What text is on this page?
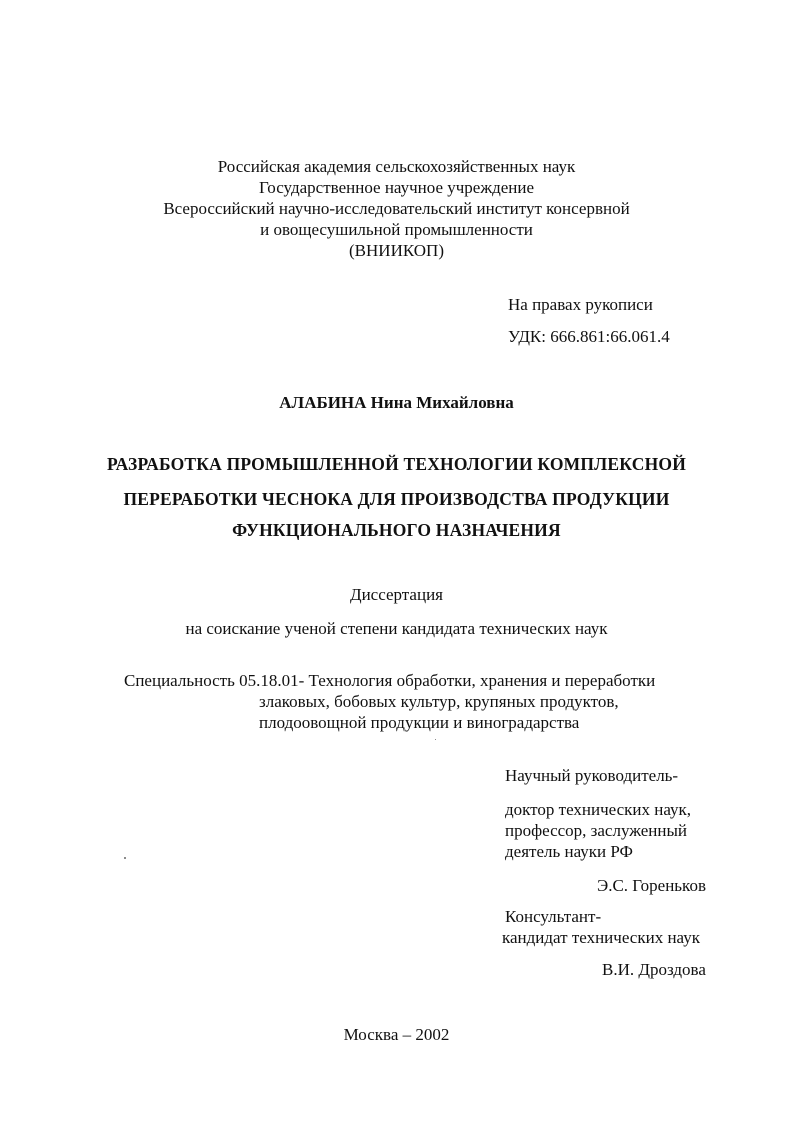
Российская академия сельскохозяйственных наук
Государственное научное учреждение
Всероссийский научно-исследовательский институт консервной
и овощесушильной промышленности
(ВНИИКОП)
На правах рукописи
УДК: 666.861:66.061.4
АЛАБИНА Нина Михайловна
РАЗРАБОТКА ПРОМЫШЛЕННОЙ ТЕХНОЛОГИИ КОМПЛЕКСНОЙ
ПЕРЕРАБОТКИ ЧЕСНОКА ДЛЯ ПРОИЗВОДСТВА ПРОДУКЦИИ
ФУНКЦИОНАЛЬНОГО НАЗНАЧЕНИЯ
Диссертация
на соискание ученой степени кандидата технических наук
Специальность 05.18.01- Технология обработки, хранения и переработки
злаковых, бобовых культур, крупяных продуктов,
плодоовощной продукции и виноградарства
Научный руководитель-
доктор технических наук,
профессор, заслуженный
деятель науки РФ
Э.С. Гореньков
Консультант-
кандидат технических наук
В.И. Дроздова
Москва – 2002
